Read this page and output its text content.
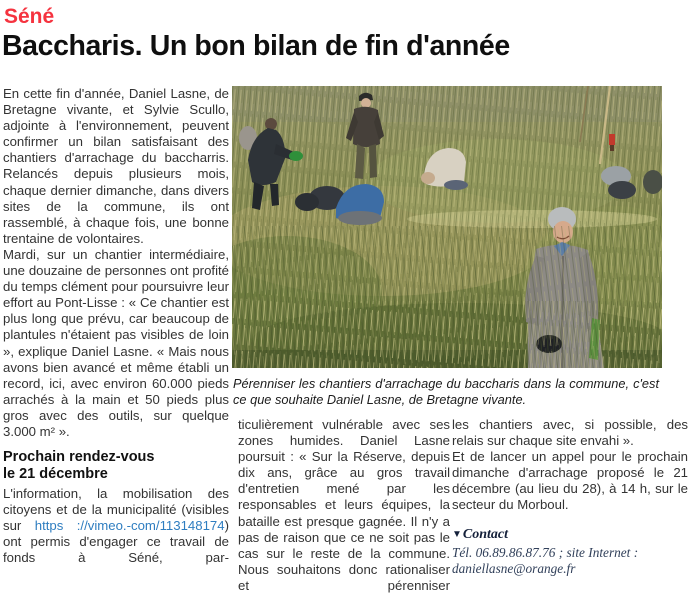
Séné
Baccharis. Un bon bilan de fin d'année

En cette fin d'année, Daniel Lasne, de Bretagne vivante, et Sylvie Scullo, adjointe à l'environnement, peuvent confirmer un bilan satisfaisant des chantiers d'arrachage du baccharris. Relancés depuis plusieurs mois, chaque dernier dimanche, dans divers sites de la commune, ils ont rassemblé, à chaque fois, une bonne trentaine de volontaires.

Mardi, sur un chantier intermédiaire, une douzaine de personnes ont profité du temps clément pour poursuivre leur effort au Pont-Lisse : « Ce chantier est plus long que prévu, car beaucoup de plantules n'étaient pas visibles de loin », explique Daniel Lasne. « Mais nous avons bien avancé et même établi un record, ici, avec environ 60.000 pieds arrachés à la main et 50 pieds plus gros avec des outils, sur quelque 3.000 m² ».

Prochain rendez-vous
le 21 décembre

L'information, la mobilisation des citoyens et de la municipalité (visibles sur https ://vimeo.-com/113148174) ont permis d'engager ce travail de fonds à Séné, par-

Pérenniser les chantiers d'arrachage du baccharis dans la commune, c'est ce que souhaite Daniel Lasne, de Bretagne vivante.

ticulièrement vulnérable avec ses zones humides. Daniel Lasne poursuit : « Sur la Réserve, depuis dix ans, grâce au gros travail d'entretien mené par les responsables et leurs équipes, la bataille est presque gagnée. Il n'y a pas de raison que ce ne soit pas le cas sur le reste de la commune. Nous souhaitons donc rationaliser et pérenniser

les chantiers avec, si possible, des relais sur chaque site envahi ».

Et de lancer un appel pour le prochain dimanche d'arrachage proposé le 21 décembre (au lieu du 28), à 14 h, sur le secteur du Morboul.

▼Contact
Tél. 06.89.86.87.76 ; site Internet :
daniellasne@orange.fr
